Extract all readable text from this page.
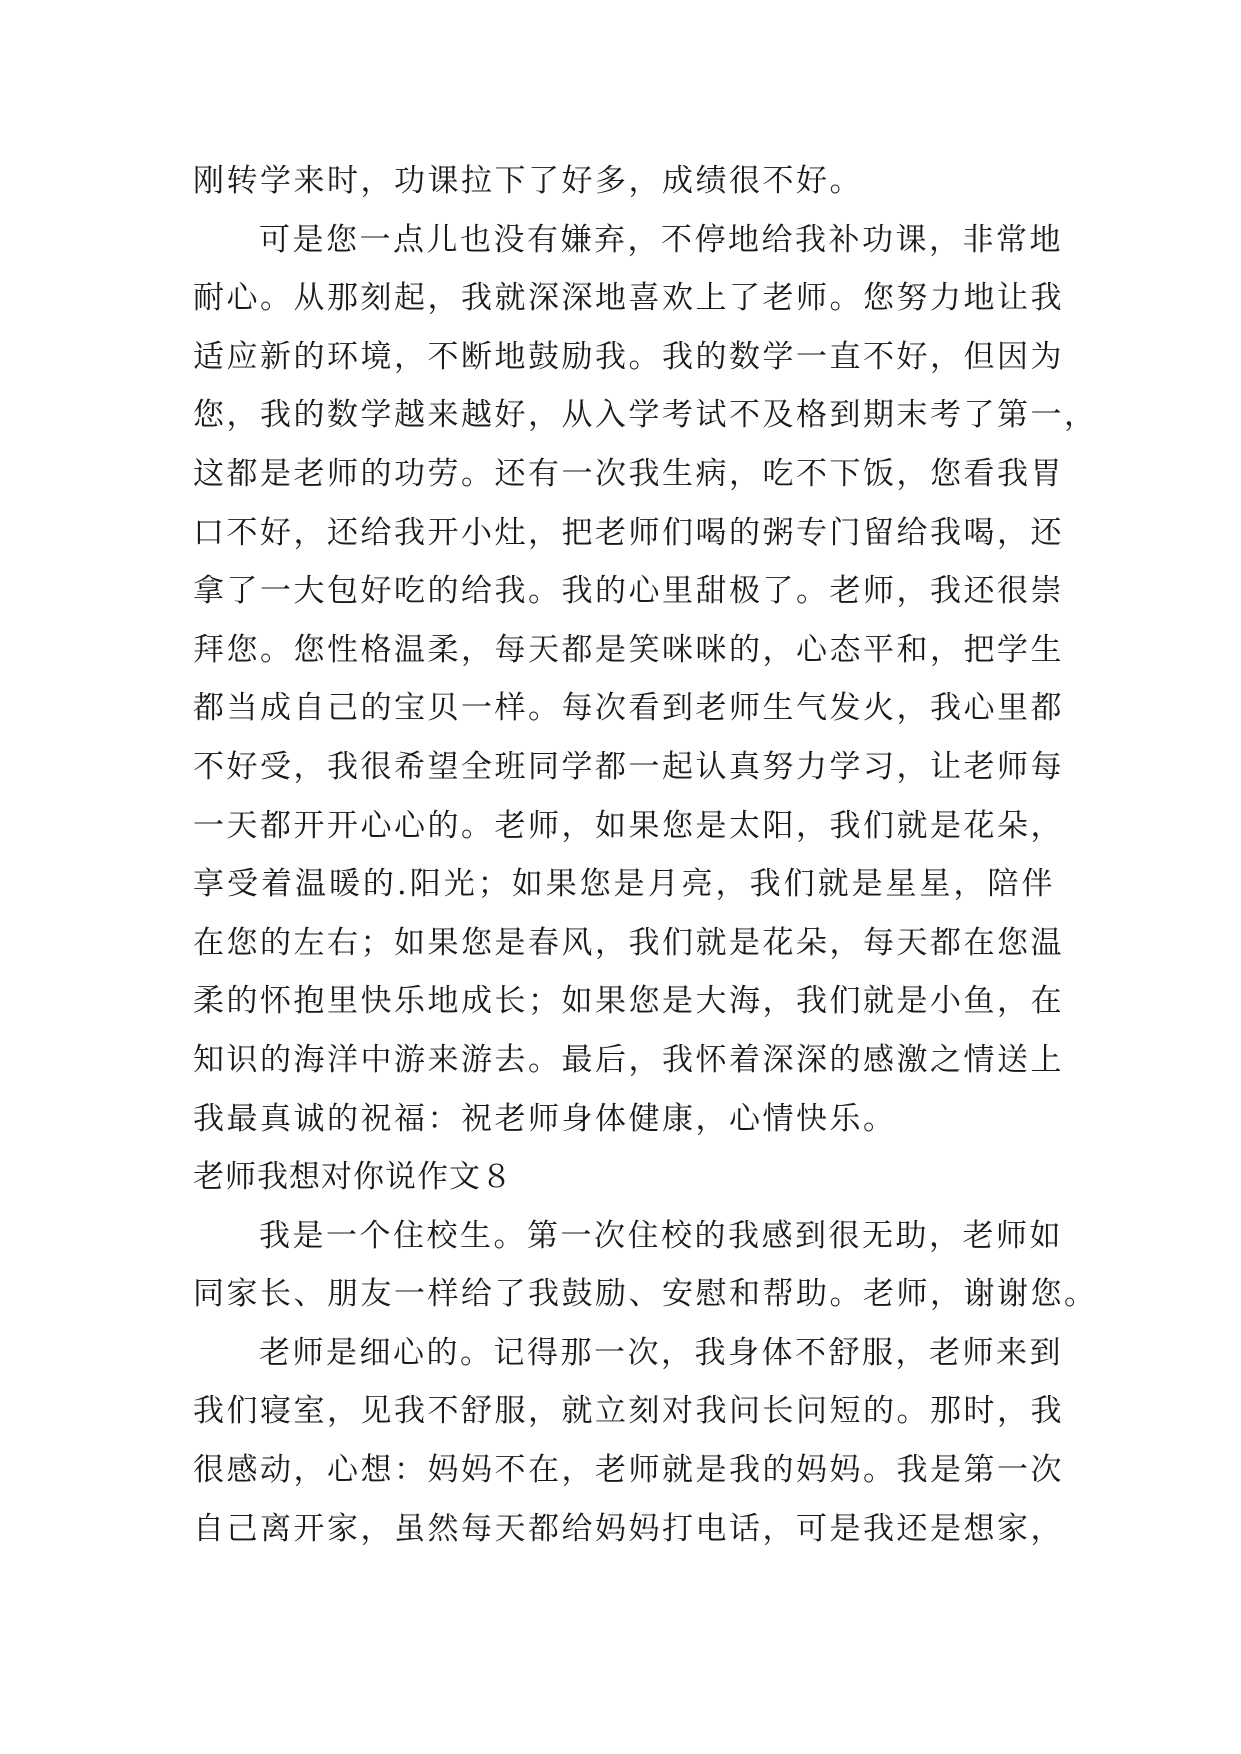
刚转学来时，功课拉下了好多，成绩很不好。
可是您一点儿也没有嫌弃，不停地给我补功课，非常地
耐心。从那刻起，我就深深地喜欢上了老师。您努力地让我
适应新的环境，不断地鼓励我。我的数学一直不好，但因为
您，我的数学越来越好，从入学考试不及格到期末考了第一，
这都是老师的功劳。还有一次我生病，吃不下饭，您看我胃
口不好，还给我开小灶，把老师们喝的粥专门留给我喝，还
拿了一大包好吃的给我。我的心里甜极了。老师，我还很崇
拜您。您性格温柔，每天都是笑咪咪的，心态平和，把学生
都当成自己的宝贝一样。每次看到老师生气发火，我心里都
不好受，我很希望全班同学都一起认真努力学习，让老师每
一天都开开心心的。老师，如果您是太阳，我们就是花朵，
享受着温暖的.阳光；如果您是月亮，我们就是星星，陪伴
在您的左右；如果您是春风，我们就是花朵，每天都在您温
柔的怀抱里快乐地成长；如果您是大海，我们就是小鱼，在
知识的海洋中游来游去。最后，我怀着深深的感激之情送上
我最真诚的祝福：祝老师身体健康，心情快乐。
老师我想对你说作文８
我是一个住校生。第一次住校的我感到很无助，老师如
同家长、朋友一样给了我鼓励、安慰和帮助。老师，谢谢您。
老师是细心的。记得那一次，我身体不舒服，老师来到
我们寝室，见我不舒服，就立刻对我问长问短的。那时，我
很感动，心想：妈妈不在，老师就是我的妈妈。我是第一次
自己离开家，虽然每天都给妈妈打电话，可是我还是想家，
